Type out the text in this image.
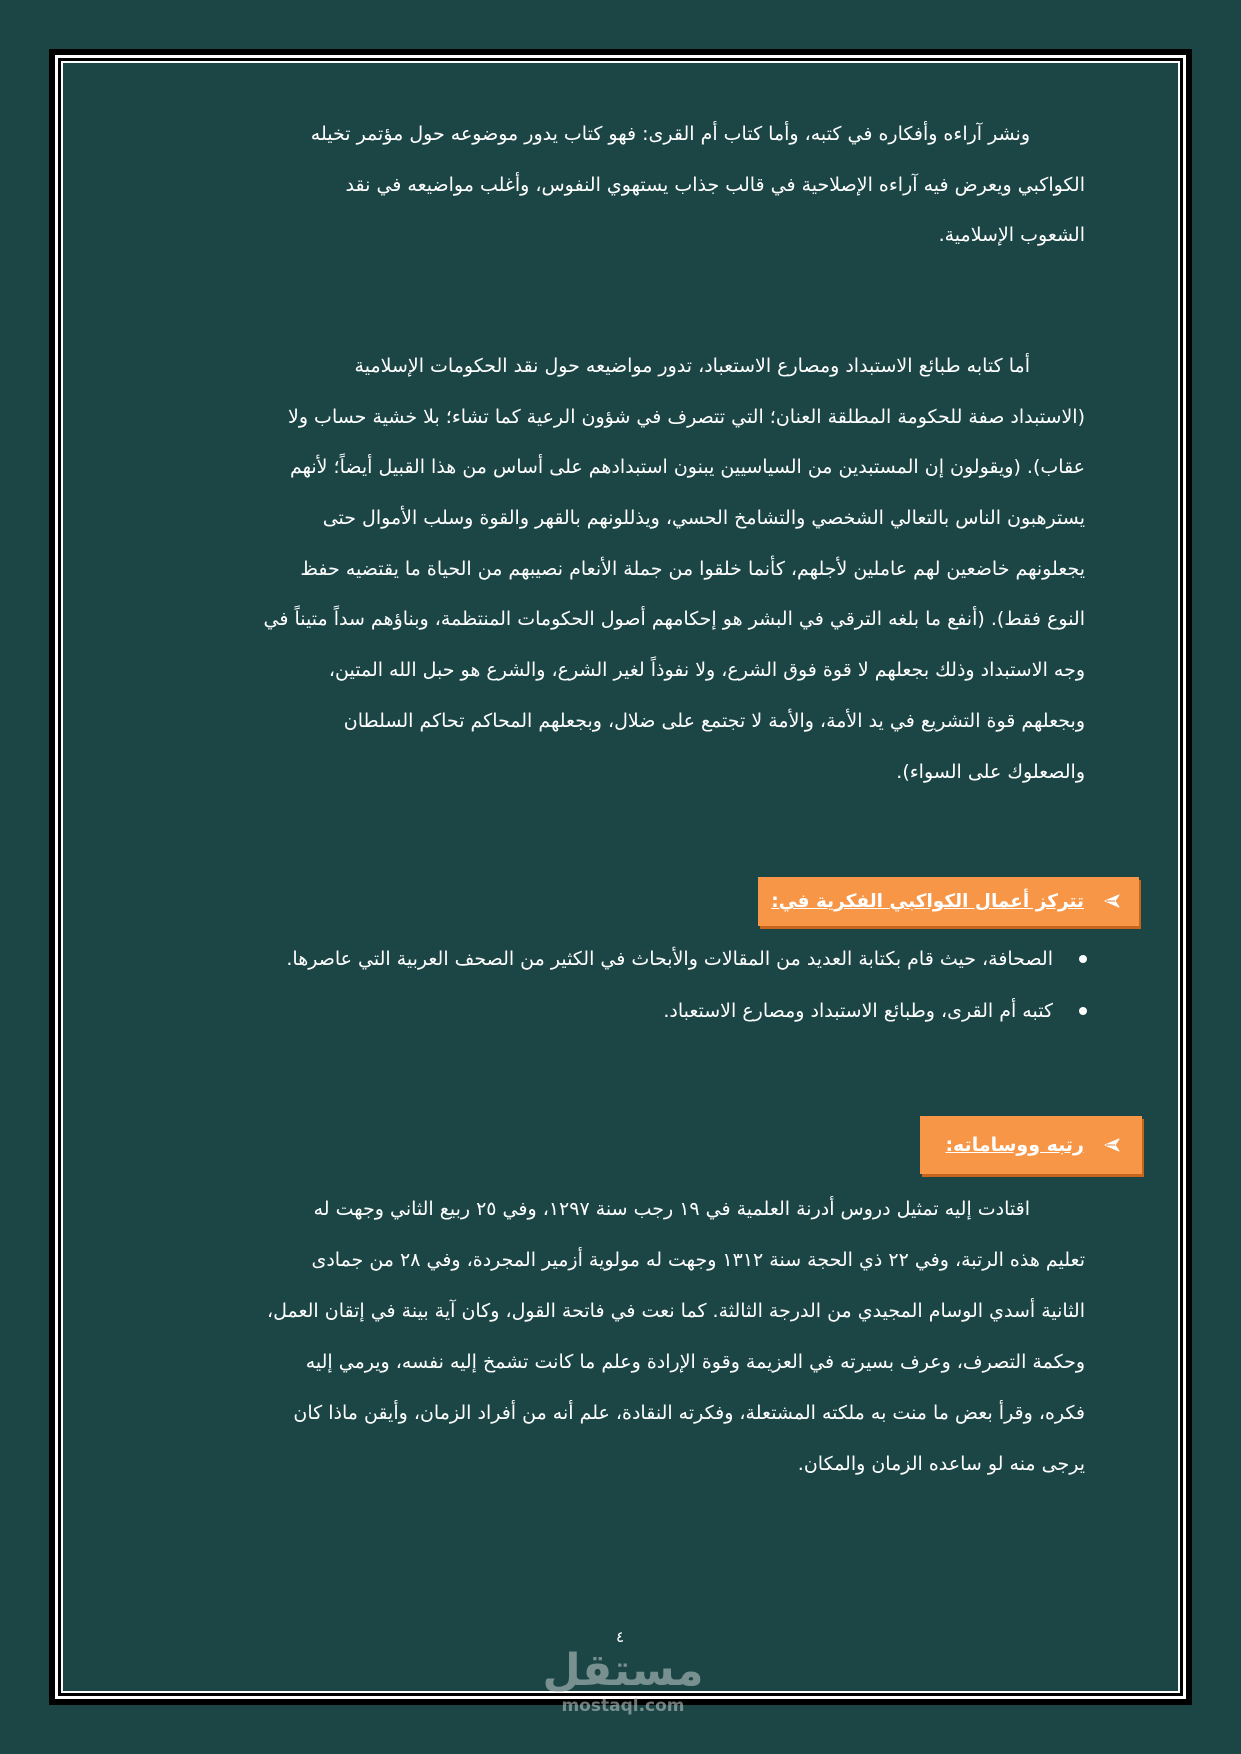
ونشر آراءه وأفكاره في كتبه، وأما كتاب أم القرى: فهو كتاب يدور موضوعه حول مؤتمر تخيله
الكواكبي ويعرض فيه آراءه الإصلاحية في قالب جذاب يستهوي النفوس، وأغلب مواضيعه في نقد
الشعوب الإسلامية.
أما كتابه طبائع الاستبداد ومصارع الاستعباد، تدور مواضيعه حول نقد الحكومات الإسلامية
(الاستبداد صفة للحكومة المطلقة العنان؛ التي تتصرف في شؤون الرعية كما تشاء؛ بلا خشية حساب ولا
عقاب). (ويقولون إن المستبدين من السياسيين يبنون استبدادهم على أساس من هذا القبيل أيضاً؛ لأنهم
يسترهبون الناس بالتعالي الشخصي والتشامخ الحسي، ويذللونهم بالقهر والقوة وسلب الأموال حتى
يجعلونهم خاضعين لهم عاملين لأجلهم، كأنما خلقوا من جملة الأنعام نصيبهم من الحياة ما يقتضيه حفظ
النوع فقط). (أنفع ما بلغه الترقي في البشر هو إحكامهم أصول الحكومات المنتظمة، وبناؤهم سداً متيناً في
وجه الاستبداد وذلك بجعلهم لا قوة فوق الشرع، ولا نفوذاً لغير الشرع، والشرع هو حبل الله المتين،
وبجعلهم قوة التشريع في يد الأمة، والأمة لا تجتمع على ضلال، وبجعلهم المحاكم تحاكم السلطان
والصعلوك على السواء).
تتركز أعمال الكواكبي الفكرية في:
الصحافة، حيث قام بكتابة العديد من المقالات والأبحاث في الكثير من الصحف العربية التي عاصرها.
كتبه أم القرى، وطبائع الاستبداد ومصارع الاستعباد.
رتبه ووساماته:
اقتادت إليه تمثيل دروس أدرنة العلمية في ١٩ رجب سنة ١٢٩٧، وفي ٢٥ ربيع الثاني وجهت له
تعليم هذه الرتبة، وفي ٢٢ ذي الحجة سنة ١٣١٢ وجهت له مولوية أزمير المجردة، وفي ٢٨ من جمادى
الثانية أسدي الوسام المجيدي من الدرجة الثالثة. كما نعت في فاتحة القول، وكان آية بينة في إتقان العمل،
وحكمة التصرف، وعرف بسيرته في العزيمة وقوة الإرادة وعلم ما كانت تشمخ إليه نفسه، ويرمي إليه
فكره، وقرأ بعض ما منت به ملكته المشتعلة، وفكرته النقادة، علم أنه من أفراد الزمان، وأيقن ماذا كان
يرجى منه لو ساعده الزمان والمكان.
٤
مستقل
mostaql.com
